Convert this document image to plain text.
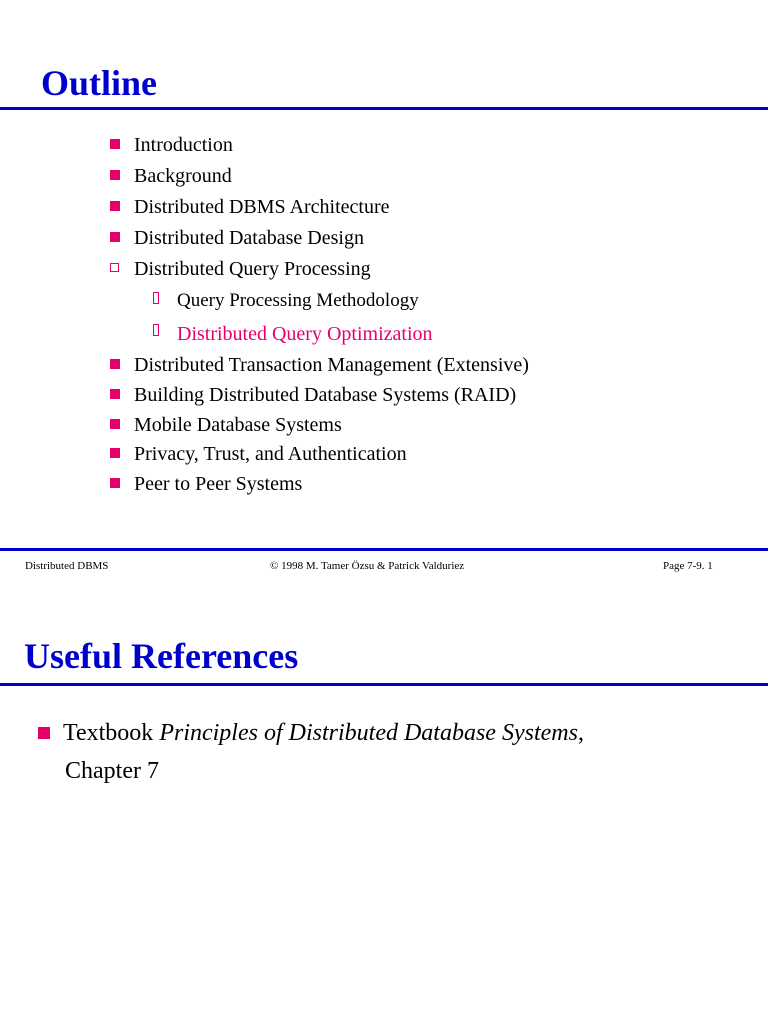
Outline
Introduction
Background
Distributed DBMS Architecture
Distributed Database Design
Distributed Query Processing
Query Processing Methodology
Distributed Query Optimization
Distributed Transaction Management (Extensive)
Building Distributed Database Systems (RAID)
Mobile Database Systems
Privacy, Trust, and Authentication
Peer to Peer Systems
Distributed DBMS	© 1998 M. Tamer Özsu & Patrick Valduriez	Page 7-9. 1
Useful References
Textbook Principles of Distributed Database Systems,
Chapter 7
